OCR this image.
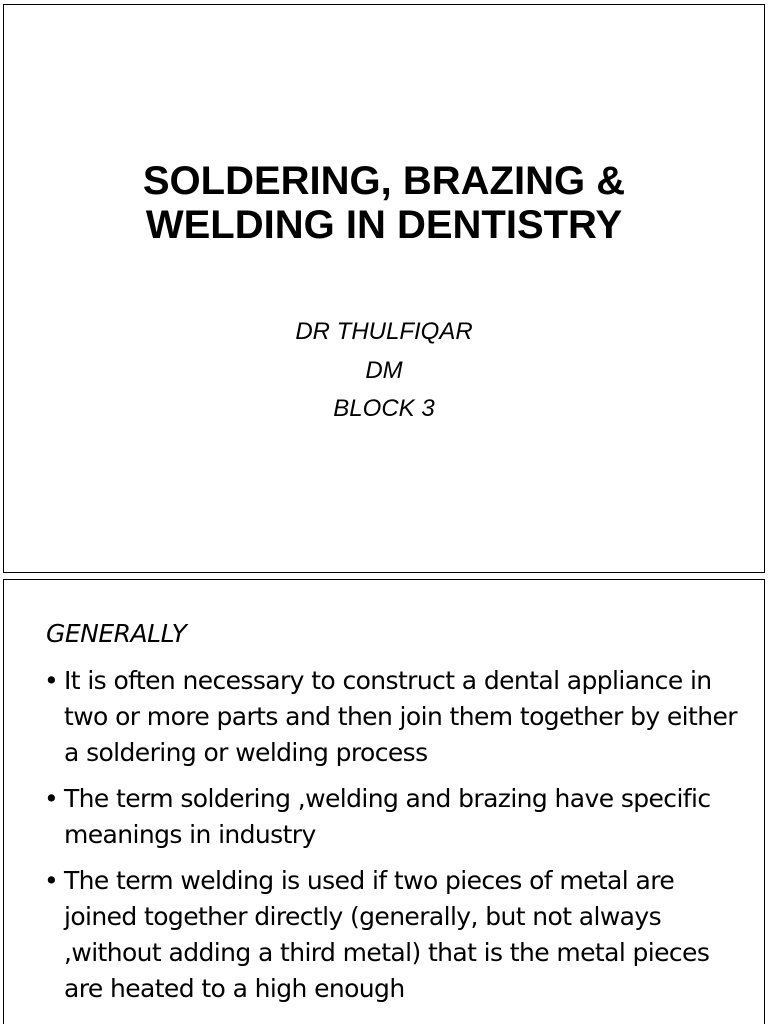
SOLDERING, BRAZING &
WELDING IN DENTISTRY
DR THULFIQAR
DM
BLOCK 3
GENERALLY
• It is often necessary to construct a dental appliance in two or more parts and then join them together by either a soldering or welding process
• The term soldering ,welding and brazing have specific meanings in industry
• The term welding is used if two pieces of metal are joined together directly (generally, but not always ,without adding a third metal) that is the metal pieces are heated to a high enough
